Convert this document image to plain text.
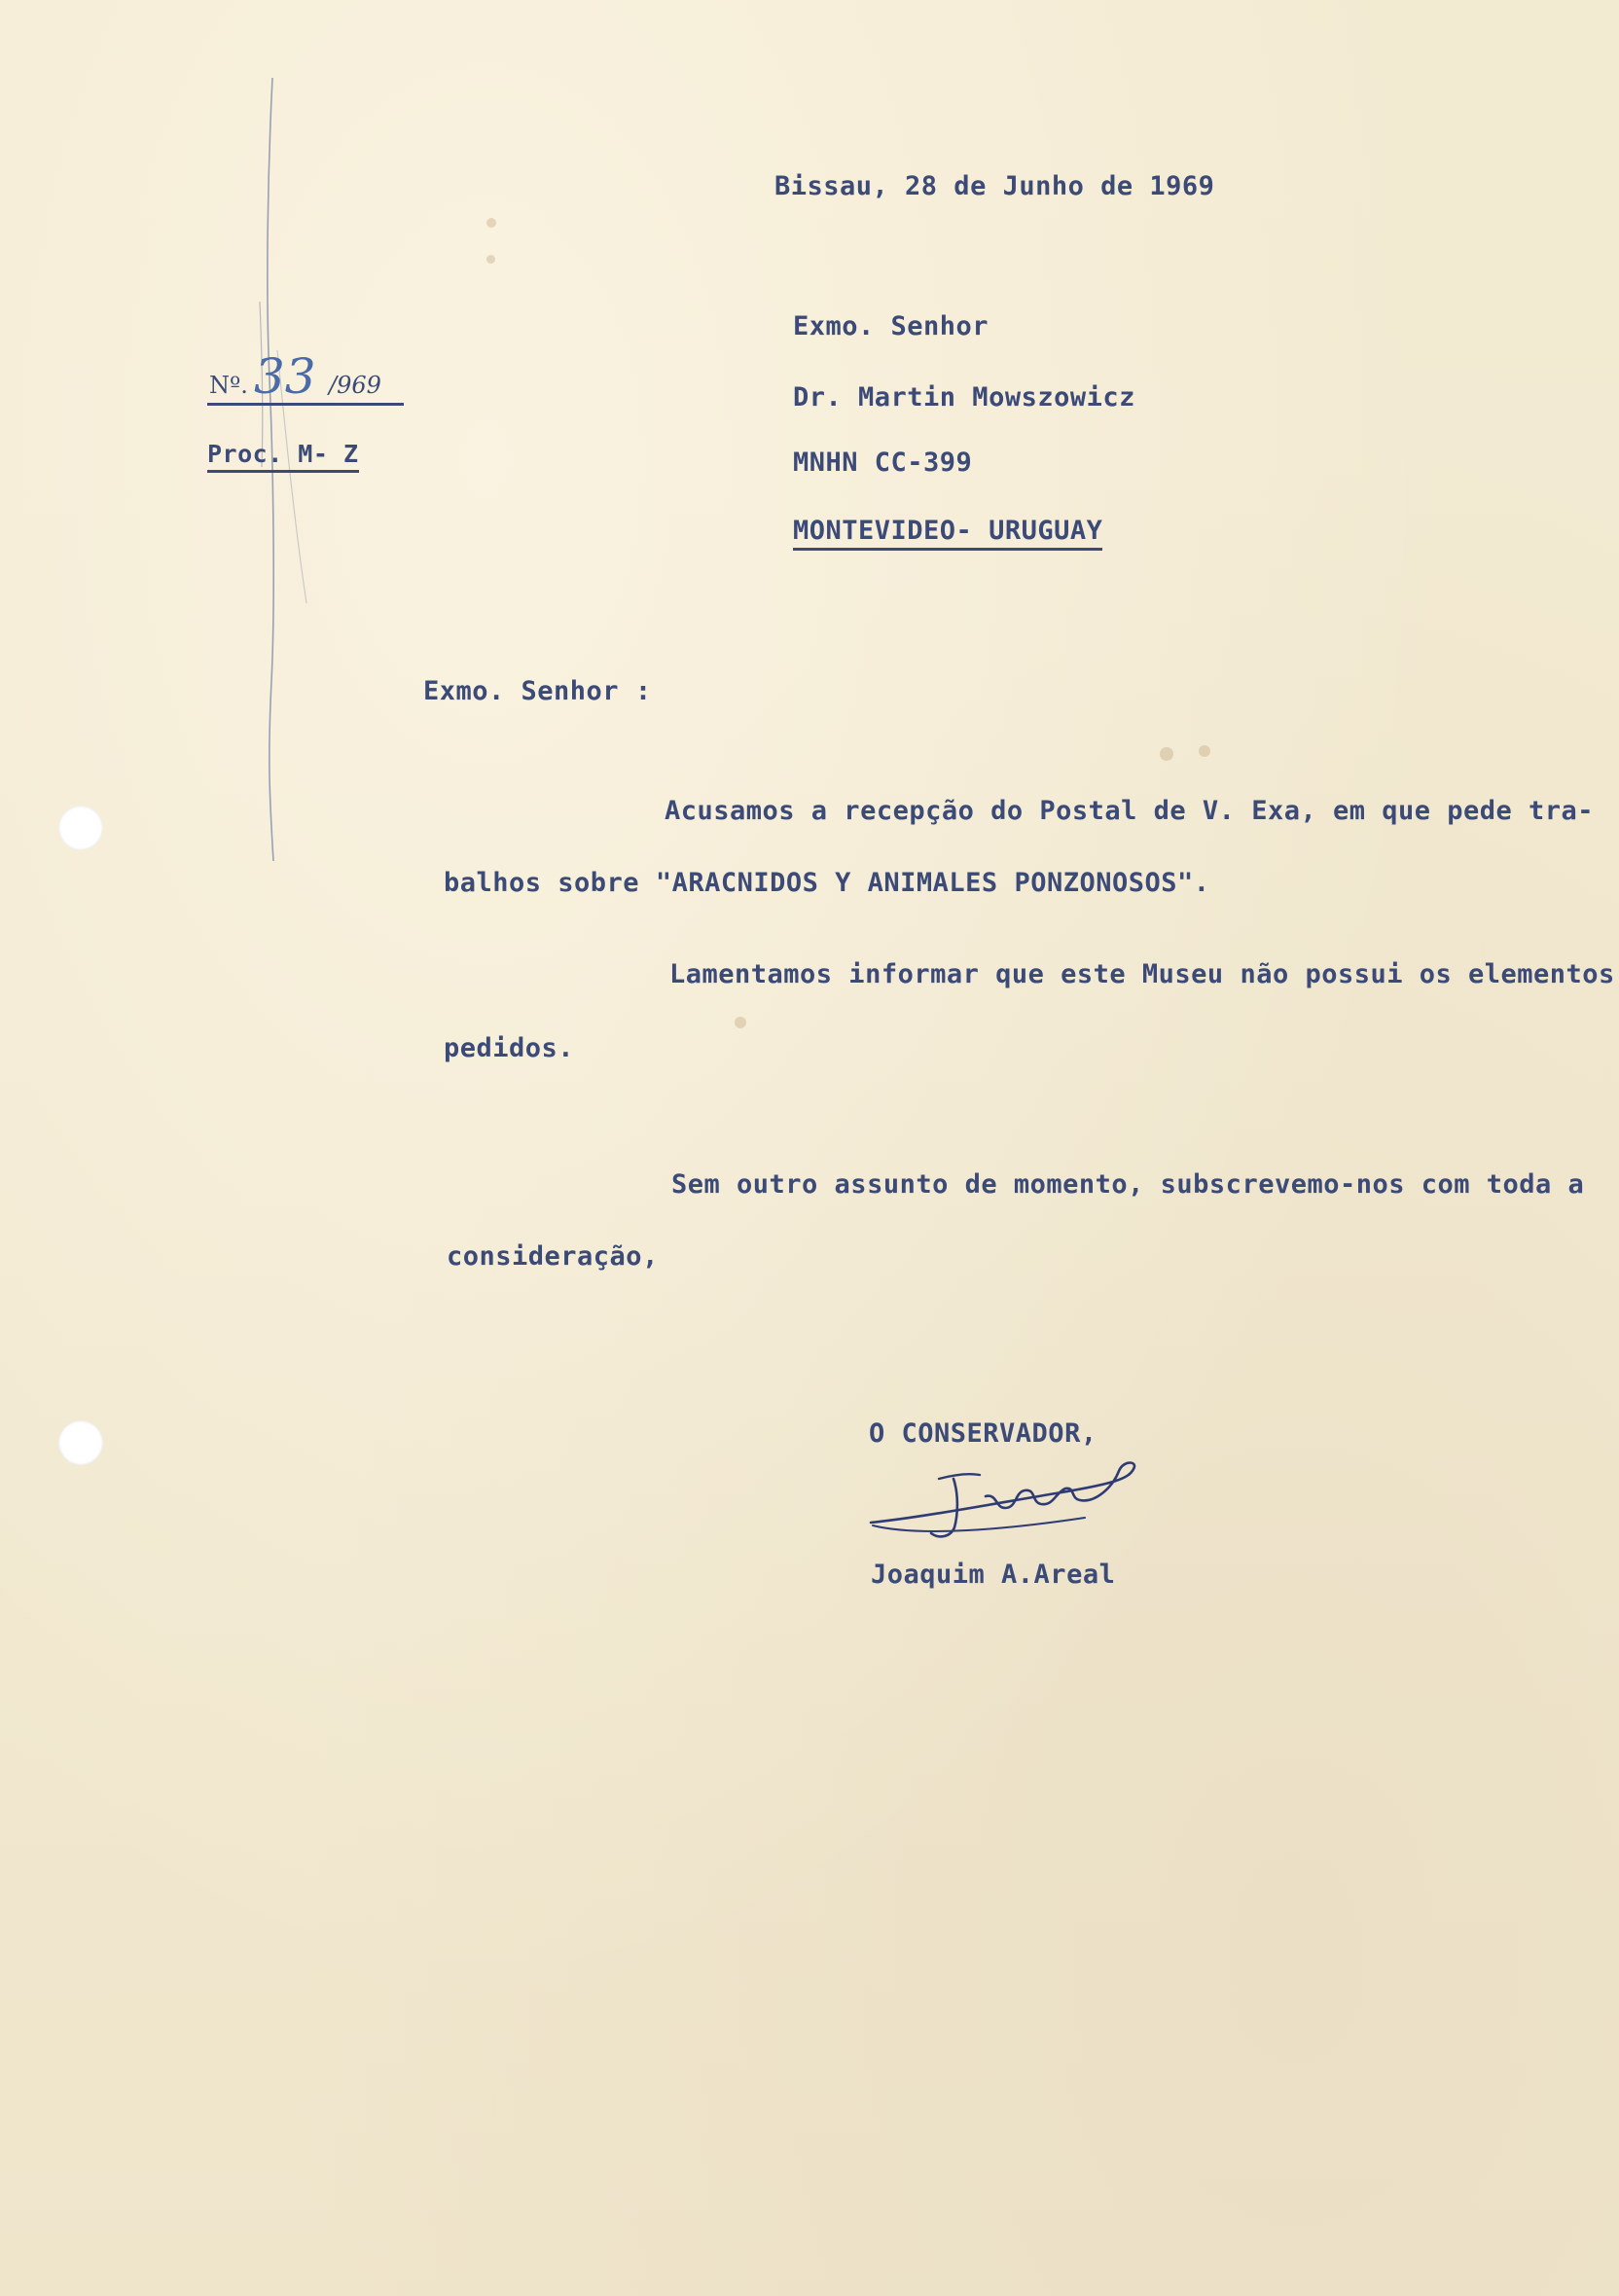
Bissau, 28 de Junho de 1969
Exmo. Senhor
Dr. Martin Mowszowicz
MNHN CC-399
MONTEVIDEO- URUGUAY
Nº. 33 /969
Proc. M- Z
Exmo. Senhor :
Acusamos a recepção do Postal de V. Exa, em que pede tra-
balhos sobre "ARACNIDOS Y ANIMALES PONZONOSOS".
Lamentamos informar que este Museu não possui os elementos
pedidos.
Sem outro assunto de momento, subscrevemo-nos com toda a
consideração,
O CONSERVADOR,
Joaquim A.Areal
